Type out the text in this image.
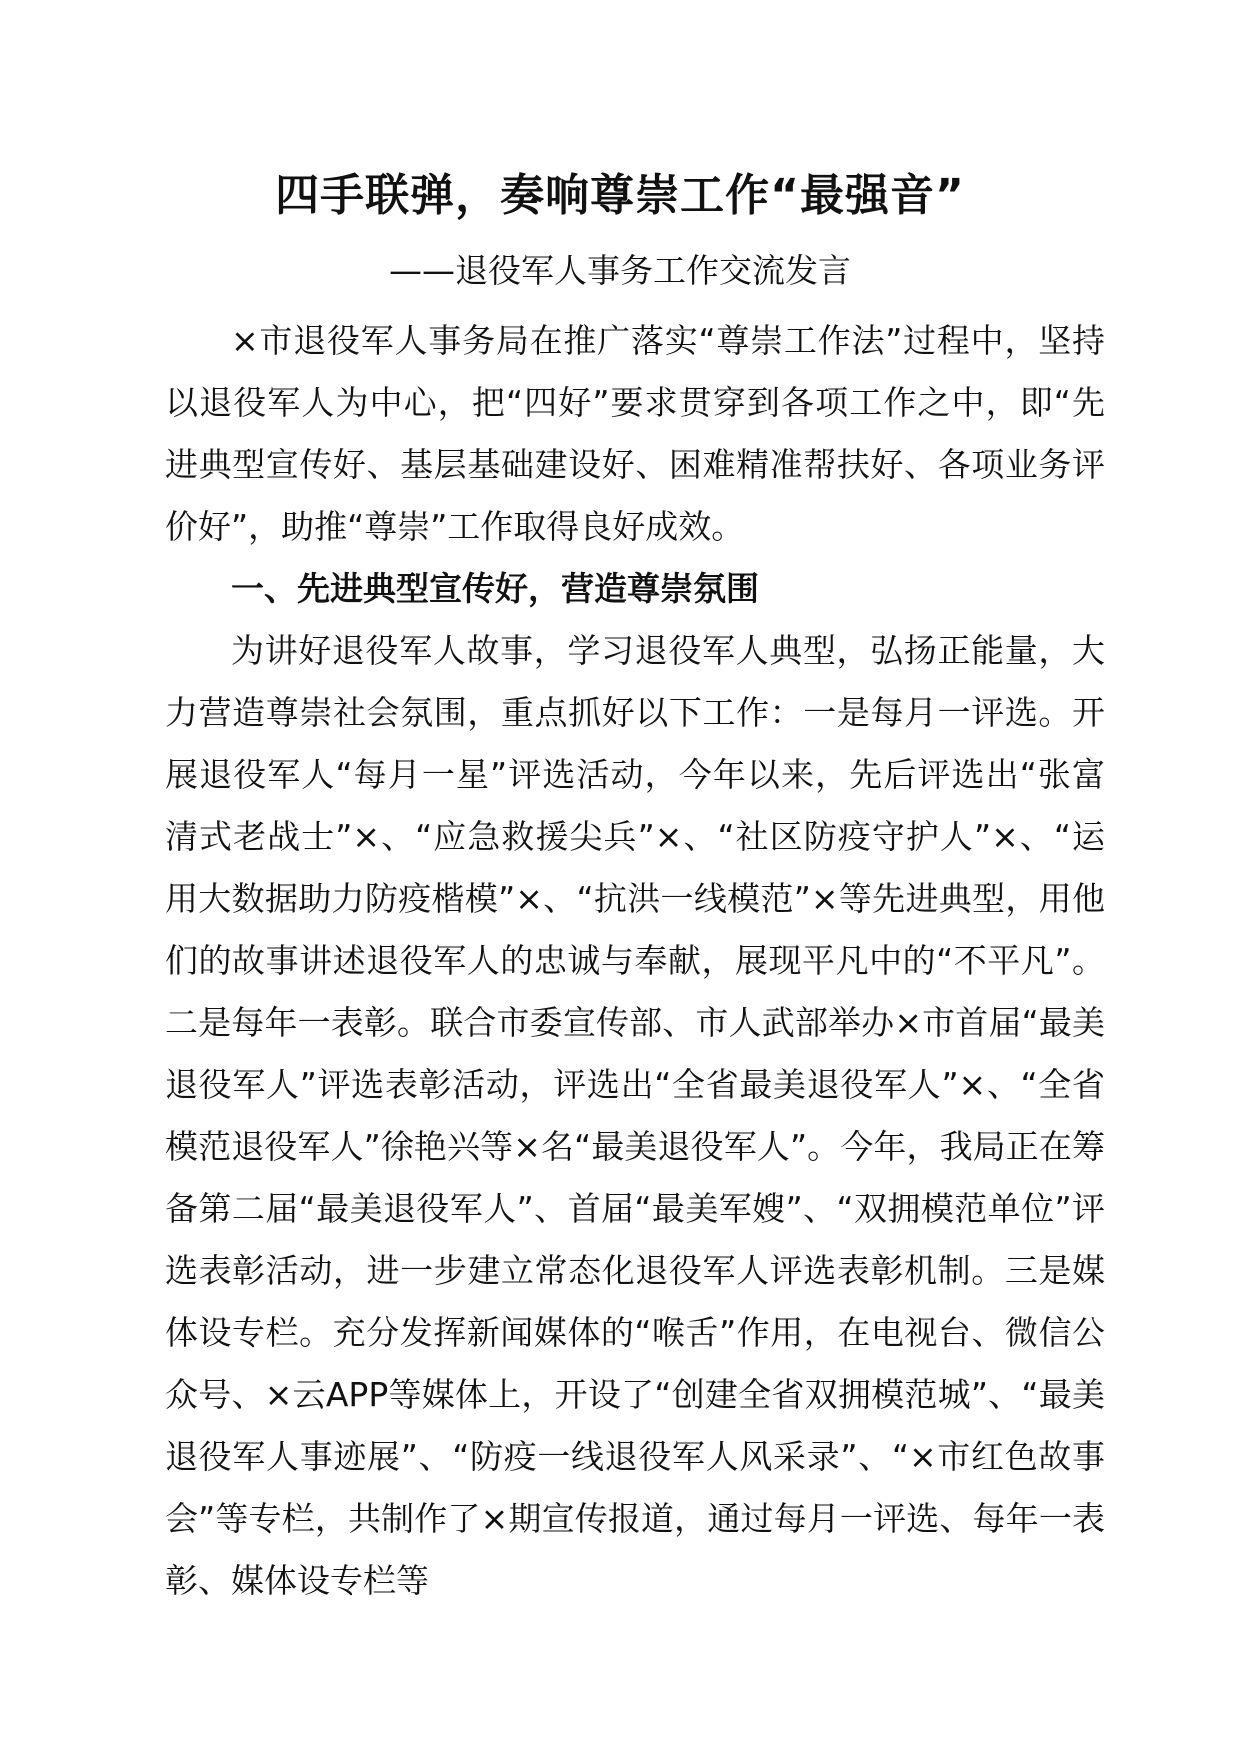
四手联弹，奏响尊崇工作“最强音”
——退役军人事务工作交流发言

×市退役军人事务局在推广落实“尊崇工作法”过程中，坚持以退役军人为中心，把“四好”要求贯穿到各项工作之中，即“先进典型宣传好、基层基础建设好、困难精准帮扶好、各项业务评价好”，助推“尊崇”工作取得良好成效。

一、先进典型宣传好，营造尊崇氛围

为讲好退役军人故事，学习退役军人典型，弘扬正能量，大力营造尊崇社会氛围，重点抓好以下工作：一是每月一评选。开展退役军人“每月一星”评选活动，今年以来，先后评选出“张富清式老战士”×、“应急救援尖兵”×、“社区防疫守护人”×、“运用大数据助力防疫楷模”×、“抗洪一线模范”×等先进典型，用他们的故事讲述退役军人的忠诚与奉献，展现平凡中的“不平凡”。二是每年一表彰。联合市委宣传部、市人武部举办×市首届“最美退役军人”评选表彰活动，评选出“全省最美退役军人”×、“全省模范退役军人”徐艳兴等×名“最美退役军人”。今年，我局正在筹备第二届“最美退役军人”、首届“最美军嫂”、“双拥模范单位”评选表彰活动，进一步建立常态化退役军人评选表彰机制。三是媒体设专栏。充分发挥新闻媒体的“喉舌”作用，在电视台、微信公众号、×云APP等媒体上，开设了“创建全省双拥模范城”、“最美退役军人事迹展”、“防疫一线退役军人风采录”、“×市红色故事会”等专栏，共制作了×期宣传报道，通过每月一评选、每年一表彰、媒体设专栏等
